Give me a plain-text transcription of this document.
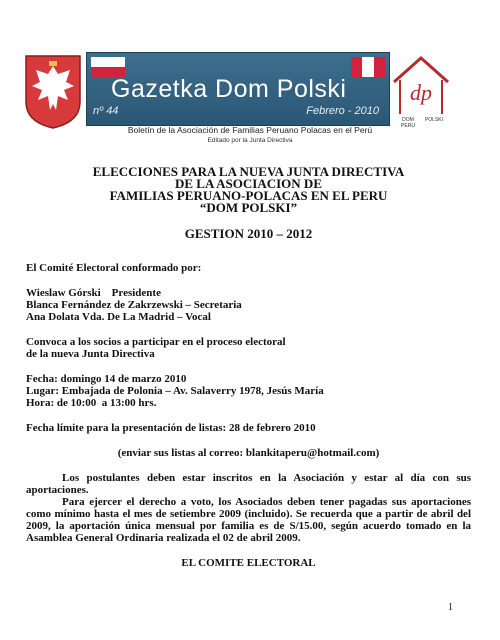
Gazetka Dom Polski
nº 44	Febrero - 2010
dp
DOM POLSKI
PERU
Boletín de la Asociación de Familias Peruano Polacas en el Perú
Editado por la Junta Directiva
ELECCIONES PARA LA NUEVA JUNTA DIRECTIVA
DE LA ASOCIACION DE
FAMILIAS PERUANO-POLACAS EN EL PERU
“DOM POLSKI”
GESTION 2010 – 2012

El Comité Electoral conformado por:

Wieslaw Górski    Presidente
Blanca Fernández de Zakrzewski – Secretaria
Ana Dolata Vda. De La Madrid – Vocal
Convoca a los socios a participar en el proceso electoral
de la nueva Junta Directiva
Fecha: domingo 14 de marzo 2010
Lugar: Embajada de Polonia – Av. Salaverry 1978, Jesús María
Hora: de 10:00  a 13:00 hrs.

Fecha límite para la presentación de listas: 28 de febrero 2010

(enviar sus listas al correo: blankitaperu@hotmail.com)

Los postulantes deben estar inscritos en la Asociación y estar al día con sus aportaciones.

Para ejercer el derecho a voto, los Asociados deben tener pagadas sus aportaciones como mínimo hasta el mes de setiembre 2009 (incluido). Se recuerda que a partir de abril del 2009, la aportación única mensual por familia es de S/15.00, según acuerdo tomado en la Asamblea General Ordinaria realizada el 02 de abril 2009.

EL COMITE ELECTORAL

1
